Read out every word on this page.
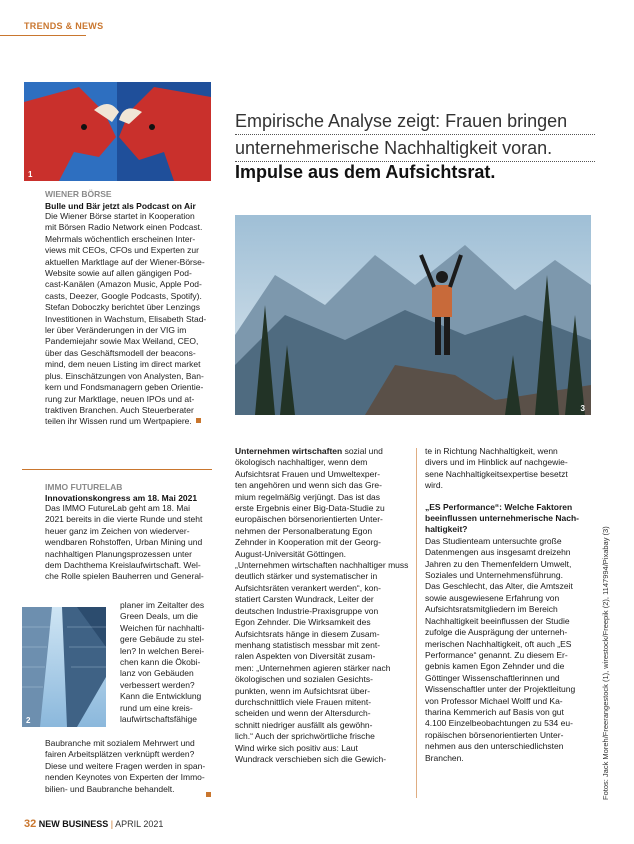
TRENDS & NEWS
1
WIENER BÖRSE
Bulle und Bär jetzt als Podcast on Air
Die Wiener Börse startet in Kooperation
mit Börsen Radio Network einen Podcast.
Mehrmals wöchentlich erscheinen Inter-
views mit CEOs, CFOs und Experten zur
aktuellen Marktlage auf der Wiener-Börse-
Website sowie auf allen gängigen Pod-
cast-Kanälen (Amazon Music, Apple Pod-
casts, Deezer, Google Podcasts, Spotify).
Stefan Doboczky berichtet über Lenzings
Investitionen in Wachstum, Elisabeth Stad-
ler über Veränderungen in der VIG im
Pandemiejahr sowie Max Weiland, CEO,
über das Geschäftsmodell der beacons-
mind, dem neuen Listing im direct market
plus. Einschätzungen von Analysten, Ban-
kern und Fondsmanagern geben Orientie-
rung zur Marktlage, neuen IPOs und at-
traktiven Branchen. Auch Steuerberater
teilen ihr Wissen rund um Wertpapiere.
IMMO FUTURELAB
Innovationskongress am 18. Mai 2021
Das IMMO FutureLab geht am 18. Mai
2021 bereits in die vierte Runde und steht
heuer ganz im Zeichen von wiederver-
wendbaren Rohstoffen, Urban Mining und
nachhaltigen Planungsprozessen unter
dem Dachthema Kreislaufwirtschaft. Wel-
che Rolle spielen Bauherren und General-
planer im Zeitalter des
Green Deals, um die
Weichen für nachhalti-
gere Gebäude zu stel-
len? In welchen Berei-
chen kann die Ökobi-
lanz von Gebäuden
verbessert werden?
Kann die Entwicklung
rund um eine kreis-
laufwirtschaftsfähige
Baubranche mit sozialem Mehrwert und
fairen Arbeitsplätzen verknüpft werden?
Diese und weitere Fragen werden in span-
nenden Keynotes von Experten der Immo-
bilien- und Baubranche behandelt.
2
Empirische Analyse zeigt: Frauen bringen
unternehmerische Nachhaltigkeit voran.
Impulse aus dem Aufsichtsrat.
3
Unternehmen wirtschaften sozial und
ökologisch nachhaltiger, wenn dem
Aufsichtsrat Frauen und Umweltexper-
ten angehören und wenn sich das Gre-
mium regelmäßig verjüngt. Das ist das
erste Ergebnis einer Big-Data-Studie zu
europäischen börsenorientierten Unter-
nehmen der Personalberatung Egon
Zehnder in Kooperation mit der Georg-
August-Universität Göttingen.
„Unternehmen wirtschaften nachhaltiger muss
deutlich stärker und systematischer in
Aufsichtsräten verankert werden“, kon-
statiert Carsten Wundrack, Leiter der
deutschen Industrie-Praxisgruppe von
Egon Zehnder. Die Wirksamkeit des
Aufsichtsrats hänge in diesem Zusam-
menhang statistisch messbar mit zent-
ralen Aspekten von Diversität zusam-
men: „Unternehmen agieren stärker nach
ökologischen und sozialen Gesichts-
punkten, wenn im Aufsichtsrat über-
durchschnittlich viele Frauen mitent-
scheiden und wenn der Altersdurch-
schnitt niedriger ausfällt als gewöhn-
lich.“ Auch der sprichwörtliche frische
Wind wirke sich positiv aus: Laut
Wundrack verschieben sich die Gewich-
te in Richtung Nachhaltigkeit, wenn
divers und im Hinblick auf nachgewie-
sene Nachhaltigkeitsexpertise besetzt
wird.
„ES Performance“: Welche Faktoren
beeinflussen unternehmerische Nach-
haltigkeit?
Das Studienteam untersuchte große
Datenmengen aus insgesamt dreizehn
Jahren zu den Themenfeldern Umwelt,
Soziales und Unternehmensführung.
Das Geschlecht, das Alter, die Amtszeit
sowie ausgewiesene Erfahrung von
Aufsichtsratsmitgliedern im Bereich
Nachhaltigkeit beeinflussen der Studie
zufolge die Ausprägung der unterneh-
merischen Nachhaltigkeit, oft auch „ES
Performance“ genannt. Zu diesem Er-
gebnis kamen Egon Zehnder und die
Göttinger Wissenschaftlerinnen und
Wissenschaftler unter der Projektleitung
von Professor Michael Wolff und Ka-
tharina Kemmerich auf Basis von gut
4.100 Einzelbeobachtungen zu 534 eu-
ropäischen börsenorientierten Unter-
nehmen aus den unterschiedlichsten
Branchen.
32 NEW BUSINESS | APRIL 2021
Fotos: Jack Moreh/Freerangestock (1), wirestock/Freepik (2), 1147994/Pixabay (3)
